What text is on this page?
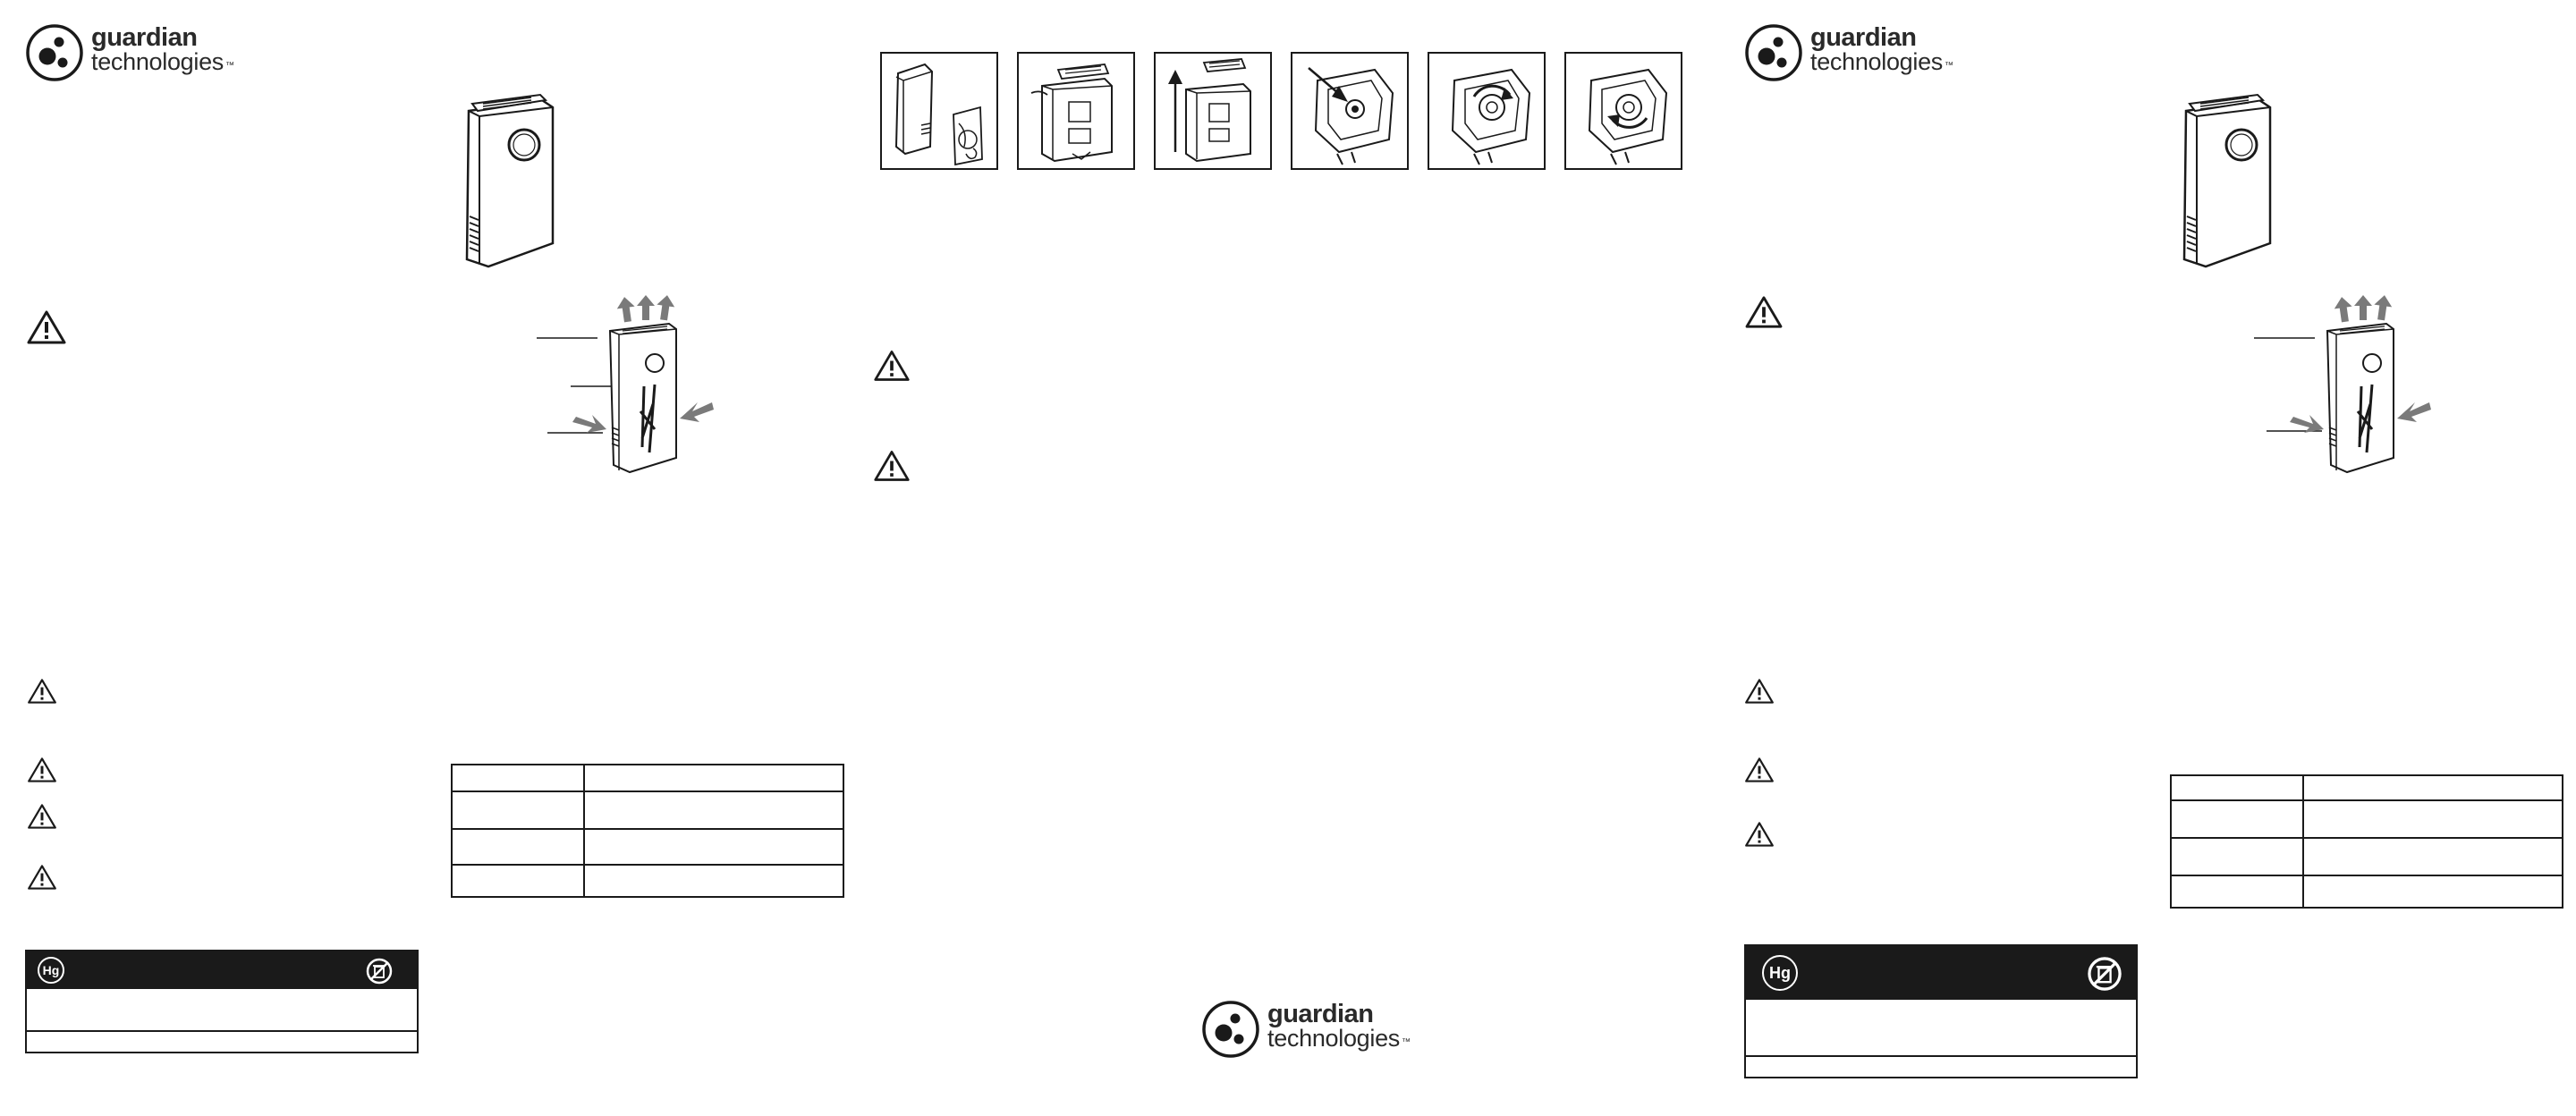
guardian
technologies ™
Hg
guardian
technologies ™
guardian
technologies ™
Hg
